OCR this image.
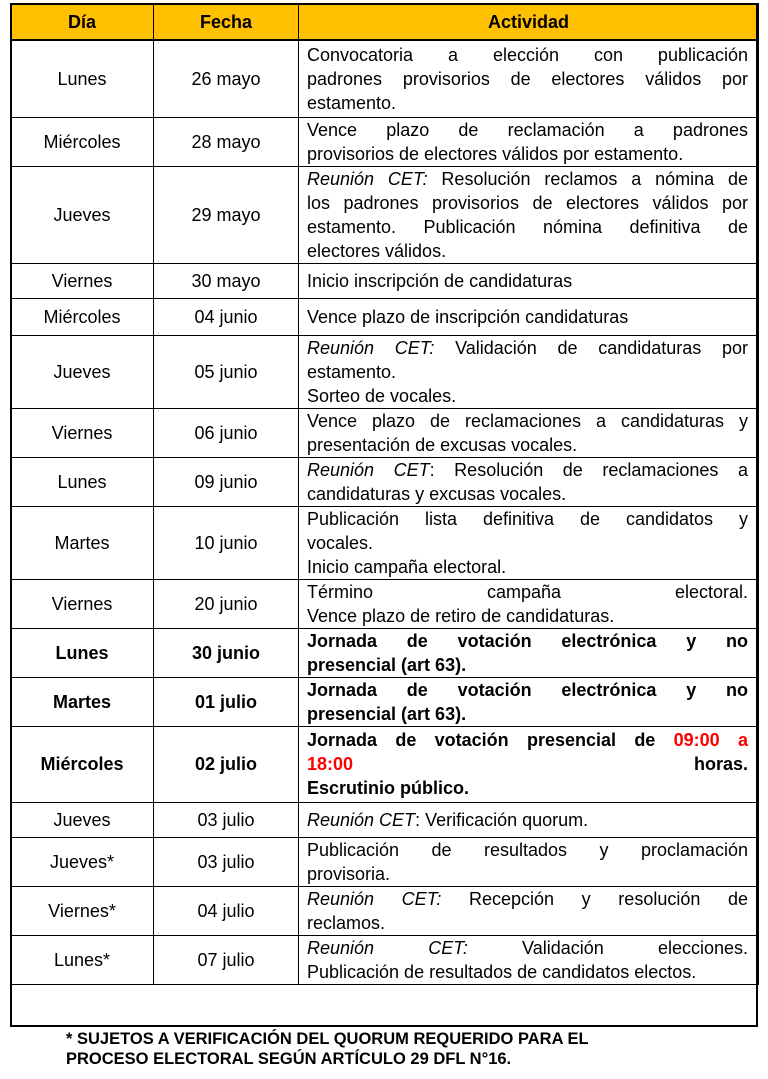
Día	Fecha	Actividad
Lunes	26 mayo	Convocatoria a elección con publicación
padrones provisorios de electores válidos por
estamento.

Miércoles	28 mayo	Vence plazo de reclamación a padrones
provisorios de electores válidos por estamento.

Jueves	29 mayo	Reunión CET: Resolución reclamos a nómina de
los padrones provisorios de electores válidos por
estamento. Publicación nómina definitiva de
electores válidos.

Viernes	30 mayo	Inicio inscripción de candidaturas

Miércoles	04 junio	Vence plazo de inscripción candidaturas

Jueves	05 junio	Reunión CET: Validación de candidaturas por
estamento.
Sorteo de vocales.

Viernes	06 junio	Vence plazo de reclamaciones a candidaturas y
presentación de excusas vocales.

Lunes	09 junio	Reunión CET: Resolución de reclamaciones a
candidaturas y excusas vocales.

Martes	10 junio	Publicación lista definitiva de candidatos y
vocales.
Inicio campaña electoral.

Viernes	20 junio	Término campaña electoral.
Vence plazo de retiro de candidaturas.

Lunes	30 junio	Jornada de votación electrónica y no
presencial (art 63).

Martes	01 julio	Jornada de votación electrónica y no
presencial (art 63).

Miércoles	02 julio	Jornada de votación presencial de 09:00 a
18:00 horas.
Escrutinio público.

Jueves	03 julio	Reunión CET: Verificación quorum.

Jueves*	03 julio	Publicación de resultados y proclamación
provisoria.

Viernes*	04 julio	Reunión CET: Recepción y resolución de
reclamos.

Lunes*	07 julio	Reunión CET: Validación elecciones.
Publicación de resultados de candidatos electos.
* SUJETOS A VERIFICACIÓN DEL QUORUM REQUERIDO PARA EL
PROCESO ELECTORAL SEGÚN ARTÍCULO 29 DFL N°16.
